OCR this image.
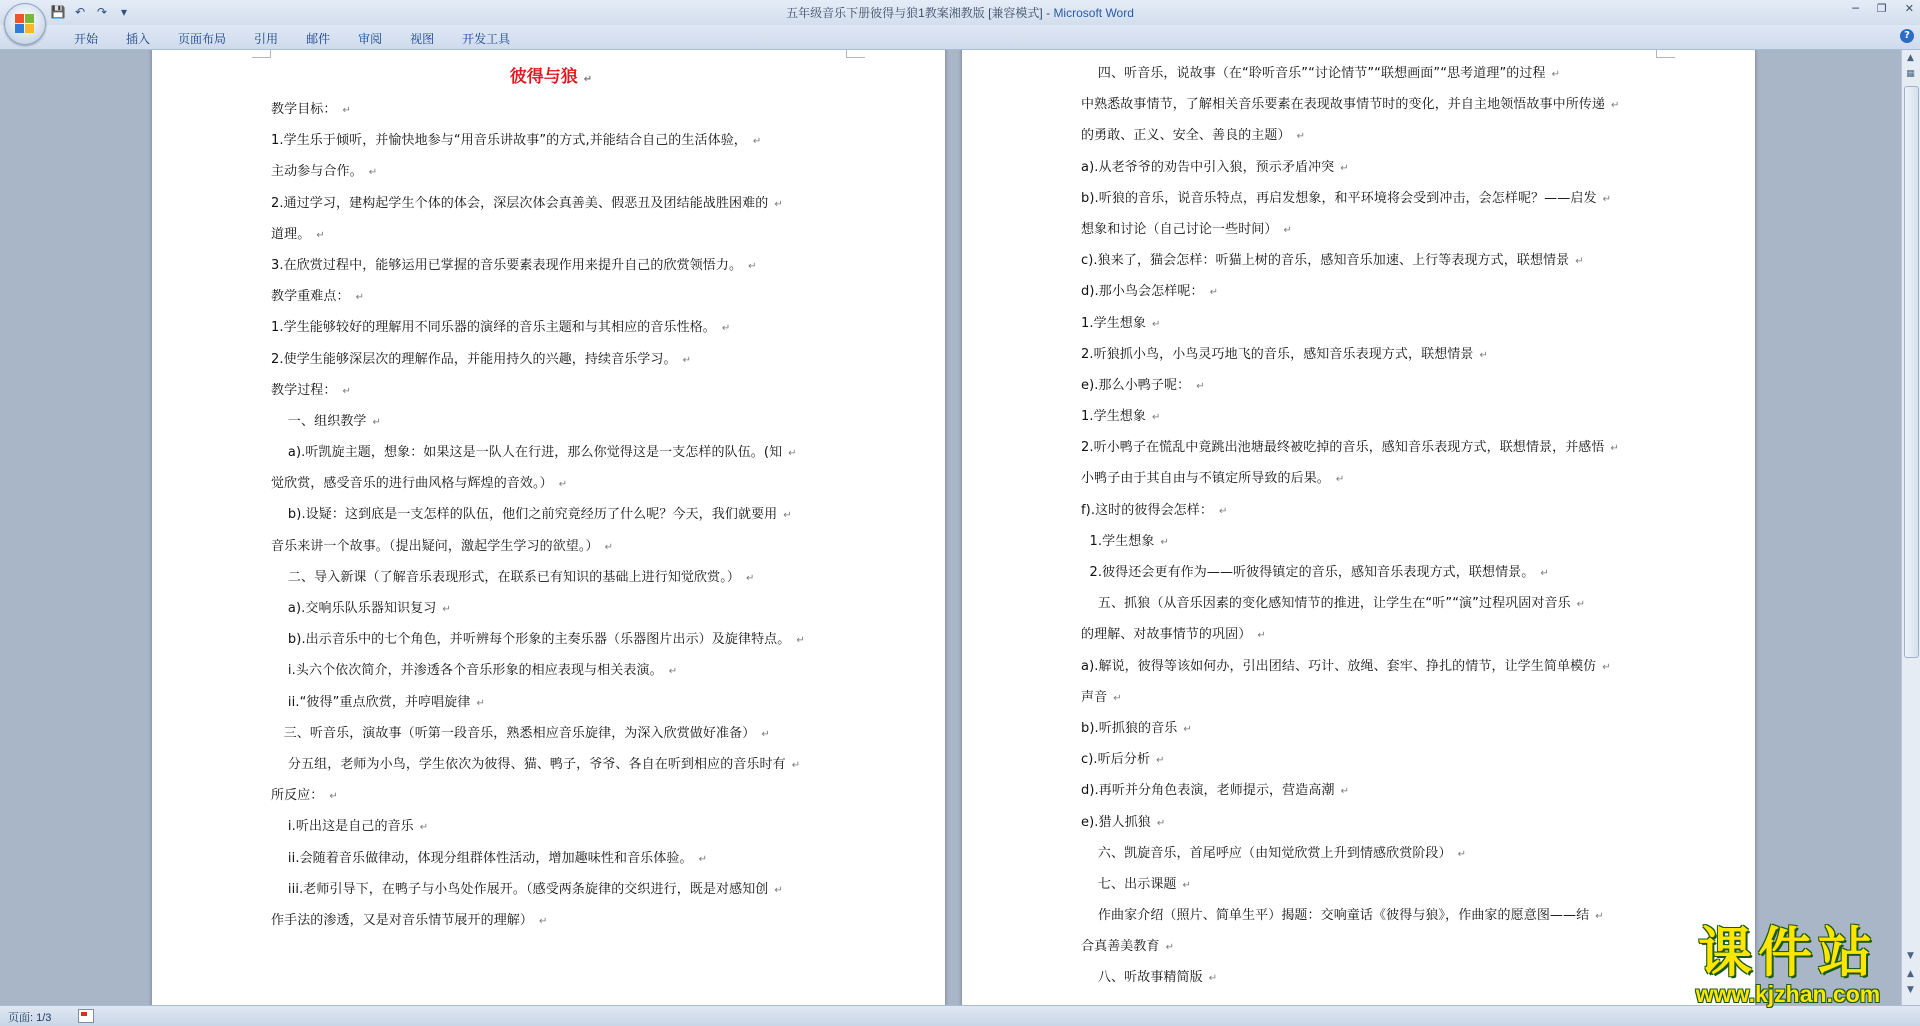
💾 ↶ ↷	▾	五年级音乐下册彼得与狼1教案湘教版 [兼容模式] - Microsoft Word	─ ❐ ✕
开始	插入	页面布局	引用	邮件	审阅	视图	开发工具	?
彼得与狼 ↵
教学目标： ↵
1.学生乐于倾听，并愉快地参与“用音乐讲故事”的方式,并能结合自己的生活体验， ↵
主动参与合作。 ↵
2.通过学习，建构起学生个体的体会，深层次体会真善美、假恶丑及团结能战胜困难的 ↵
道理。 ↵
3.在欣赏过程中，能够运用已掌握的音乐要素表现作用来提升自己的欣赏领悟力。 ↵
教学重难点： ↵
1.学生能够较好的理解用不同乐器的演绎的音乐主题和与其相应的音乐性格。 ↵
2.使学生能够深层次的理解作品，并能用持久的兴趣，持续音乐学习。 ↵
教学过程： ↵
一、组织教学 ↵
a).听凯旋主题，想象：如果这是一队人在行进，那么你觉得这是一支怎样的队伍。(知 ↵
觉欣赏，感受音乐的进行曲风格与辉煌的音效。） ↵
b).设疑：这到底是一支怎样的队伍，他们之前究竟经历了什么呢？今天，我们就要用 ↵
音乐来讲一个故事。（提出疑问，激起学生学习的欲望。） ↵
二、导入新课（了解音乐表现形式，在联系已有知识的基础上进行知觉欣赏。） ↵
a).交响乐队乐器知识复习 ↵
b).出示音乐中的七个角色，并听辨每个形象的主奏乐器（乐器图片出示）及旋律特点。 ↵
i.头六个依次简介，并渗透各个音乐形象的相应表现与相关表演。 ↵
ii.“彼得”重点欣赏，并哼唱旋律 ↵
三、听音乐，演故事（听第一段音乐，熟悉相应音乐旋律，为深入欣赏做好准备） ↵
分五组，老师为小鸟，学生依次为彼得、猫、鸭子，爷爷、各自在听到相应的音乐时有 ↵
所反应： ↵
i.听出这是自己的音乐 ↵
ii.会随着音乐做律动，体现分组群体性活动，增加趣味性和音乐体验。 ↵
iii.老师引导下，在鸭子与小鸟处作展开。（感受两条旋律的交织进行，既是对感知创 ↵
作手法的渗透，又是对音乐情节展开的理解） ↵
四、听音乐，说故事（在“聆听音乐”“讨论情节”“联想画面”“思考道理”的过程 ↵
中熟悉故事情节，了解相关音乐要素在表现故事情节时的变化，并自主地领悟故事中所传递 ↵
的勇敢、正义、安全、善良的主题） ↵
a).从老爷爷的劝告中引入狼，预示矛盾冲突 ↵
b).听狼的音乐，说音乐特点，再启发想象，和平环境将会受到冲击，会怎样呢？——启发 ↵
想象和讨论（自己讨论一些时间） ↵
c).狼来了，猫会怎样：听猫上树的音乐，感知音乐加速、上行等表现方式，联想情景 ↵
d).那小鸟会怎样呢： ↵
1.学生想象 ↵
2.听狼抓小鸟，小鸟灵巧地飞的音乐，感知音乐表现方式，联想情景 ↵
e).那么小鸭子呢： ↵
1.学生想象 ↵
2.听小鸭子在慌乱中竟跳出池塘最终被吃掉的音乐，感知音乐表现方式，联想情景，并感悟 ↵
小鸭子由于其自由与不镇定所导致的后果。 ↵
f).这时的彼得会怎样： ↵
1.学生想象 ↵
2.彼得还会更有作为——听彼得镇定的音乐，感知音乐表现方式，联想情景。 ↵
五、抓狼（从音乐因素的变化感知情节的推进，让学生在“听”“演”过程巩固对音乐 ↵
的理解、对故事情节的巩固） ↵
a).解说，彼得等该如何办，引出团结、巧计、放绳、套牢、挣扎的情节，让学生简单模仿 ↵
声音 ↵
b).听抓狼的音乐 ↵
c).听后分析 ↵
d).再听并分角色表演，老师提示，营造高潮 ↵
e).猎人抓狼 ↵
六、凯旋音乐，首尾呼应（由知觉欣赏上升到情感欣赏阶段） ↵
七、出示课题 ↵
作曲家介绍（照片、简单生平）揭题：交响童话《彼得与狼》，作曲家的愿意图——结 ↵
合真善美教育 ↵
八、听故事精简版 ↵
▲
▦
▼
▲
▼
页面: 1/3
课件站
www.kjzhan.com
